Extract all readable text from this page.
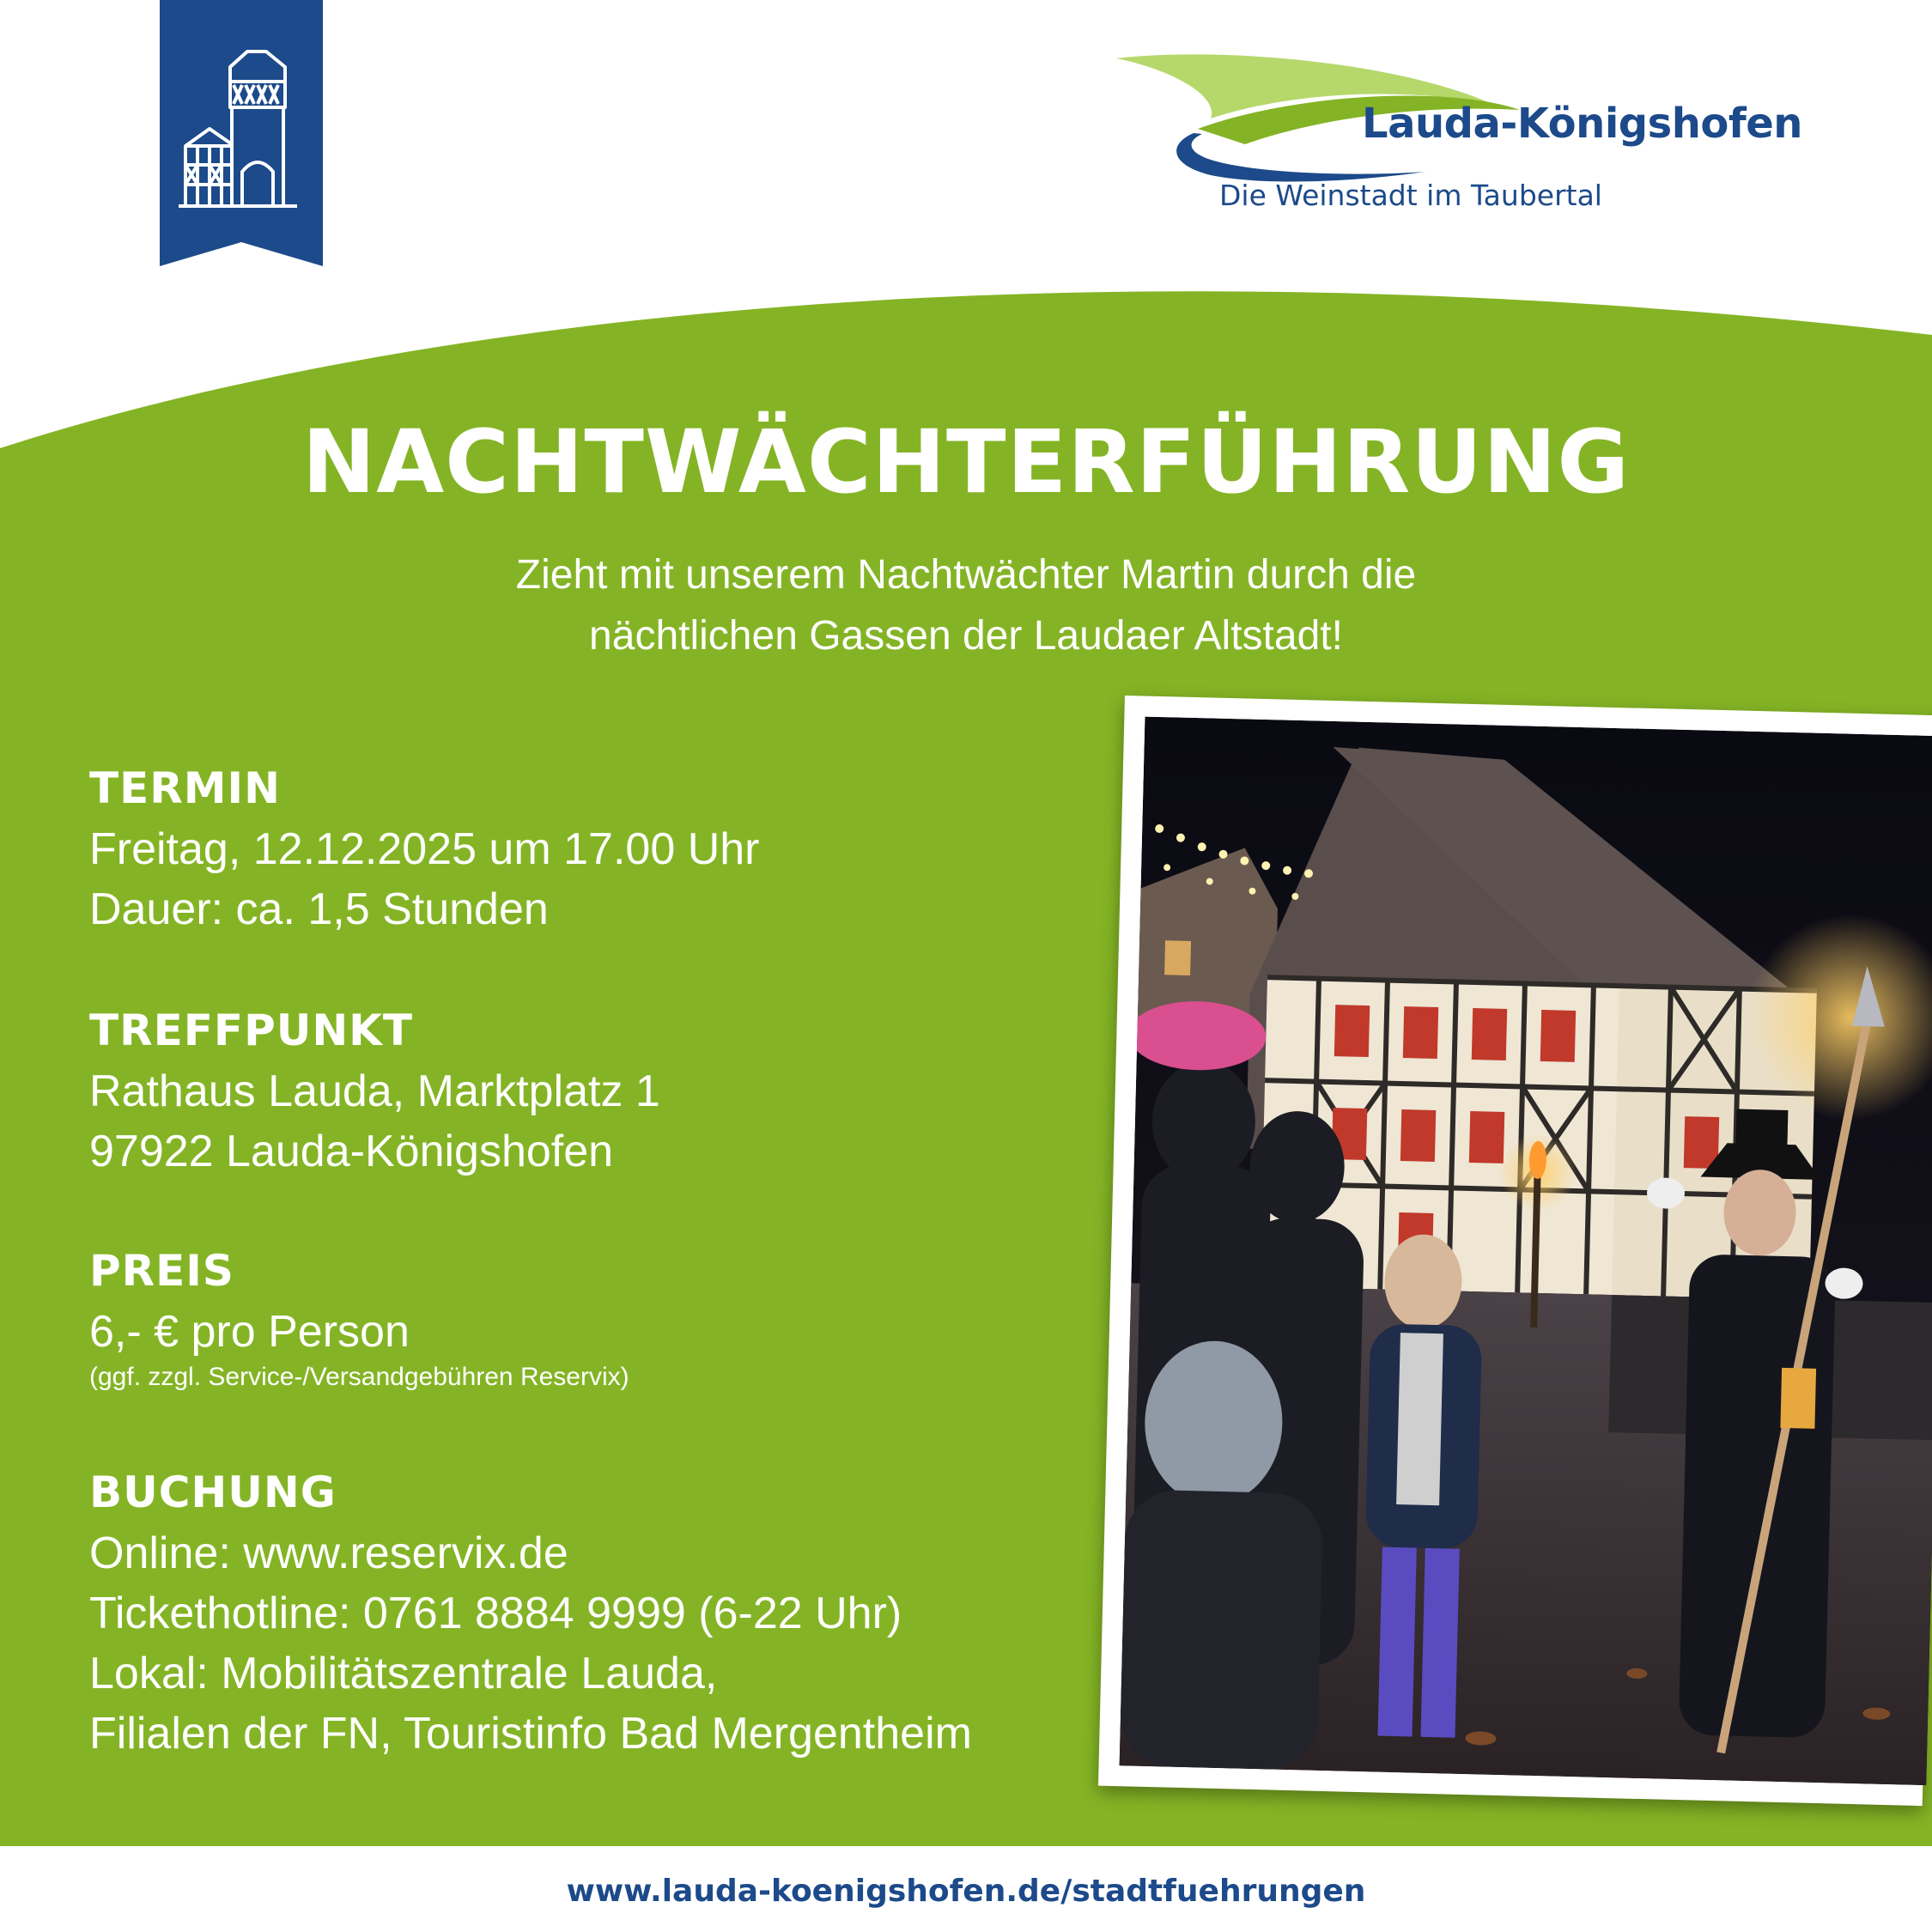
Lauda-Königshofen
Die Weinstadt im Taubertal
NACHTWÄCHTERFÜHRUNG
Zieht mit unserem Nachtwächter Martin durch die
nächtlichen Gassen der Laudaer Altstadt!
TERMIN
Freitag, 12.12.2025 um 17.00 Uhr
Dauer: ca. 1,5 Stunden
TREFFPUNKT
Rathaus Lauda, Marktplatz 1
97922 Lauda-Königshofen
PREIS
6,- € pro Person
(ggf. zzgl. Service-/Versandgebühren Reservix)
BUCHUNG
Online: www.reservix.de
Tickethotline: 0761 8884 9999 (6-22 Uhr)
Lokal: Mobilitätszentrale Lauda,
Filialen der FN, Touristinfo Bad Mergentheim
www.lauda-koenigshofen.de/stadtfuehrungen
